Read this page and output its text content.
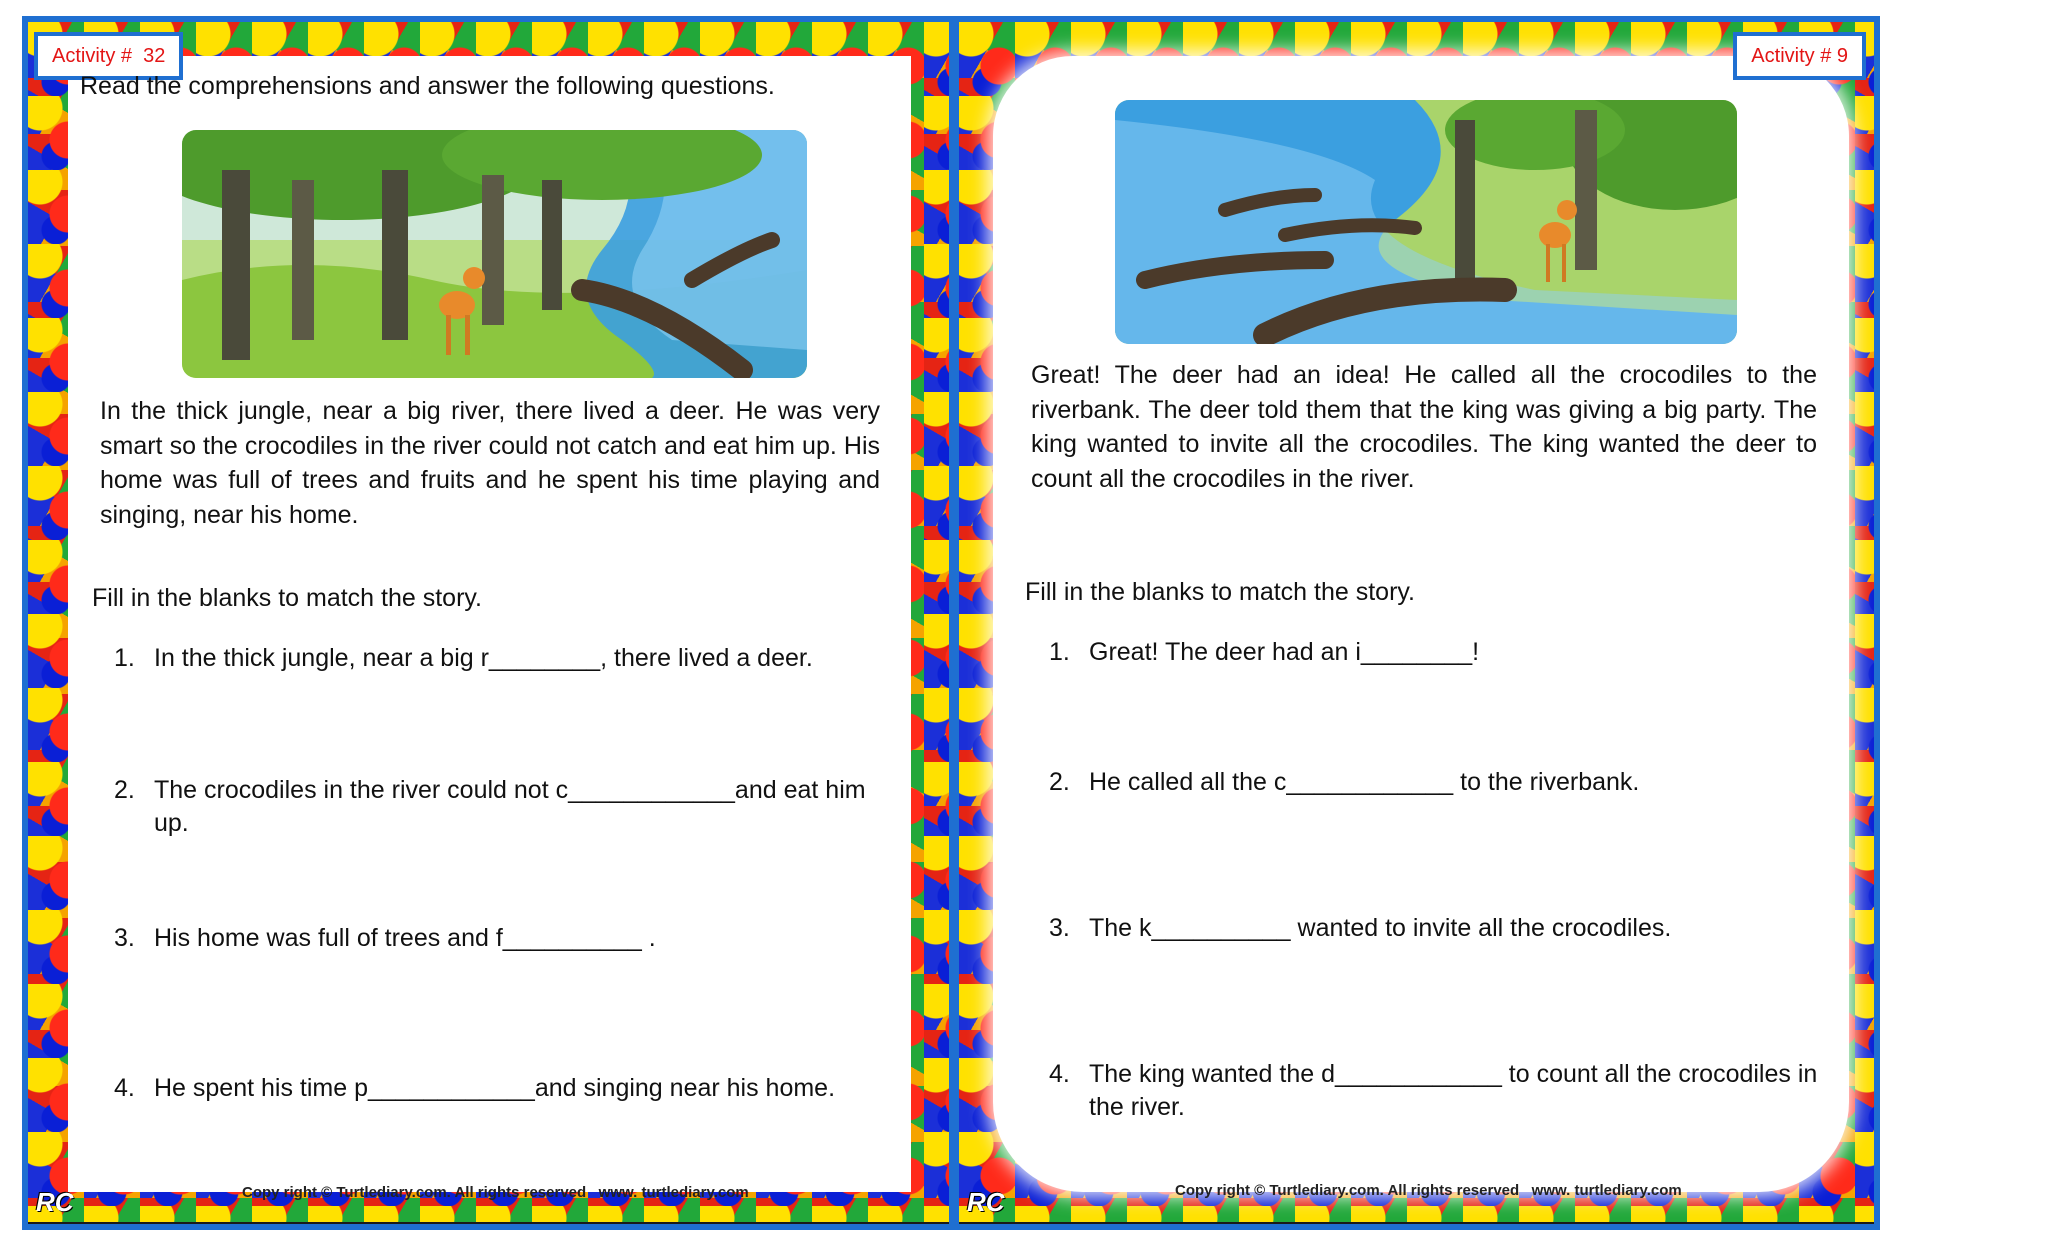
Activity #  32
Read the comprehensions and answer the following questions.
In the thick jungle, near a big river, there lived a deer. He was very smart so the crocodiles in the river could not catch and eat him up. His home was full of trees and fruits and he spent his time playing and singing, near his home.
Fill in the blanks to match the story.
1. In the thick jungle, near a big r________, there lived a deer.
2. The crocodiles in the river could not c____________and eat him up.
3. His home was full of trees and f__________ .
4. He spent his time p____________and singing near his home.
Copy right © Turtlediary.com. All rights reserved   www. turtlediary.com
RC
Activity # 9
Great! The deer had an idea! He called all the crocodiles to the riverbank. The deer told them that the king was giving a big party. The king wanted to invite all the crocodiles. The king wanted the deer to count all the crocodiles in the river.
Fill in the blanks to match the story.
1. Great! The deer had an i________!
2. He called all the c____________ to the riverbank.
3. The k__________ wanted to invite all the crocodiles.
4. The king wanted the d____________ to count all the crocodiles in the river.
Copy right © Turtlediary.com. All rights reserved   www. turtlediary.com
RC
